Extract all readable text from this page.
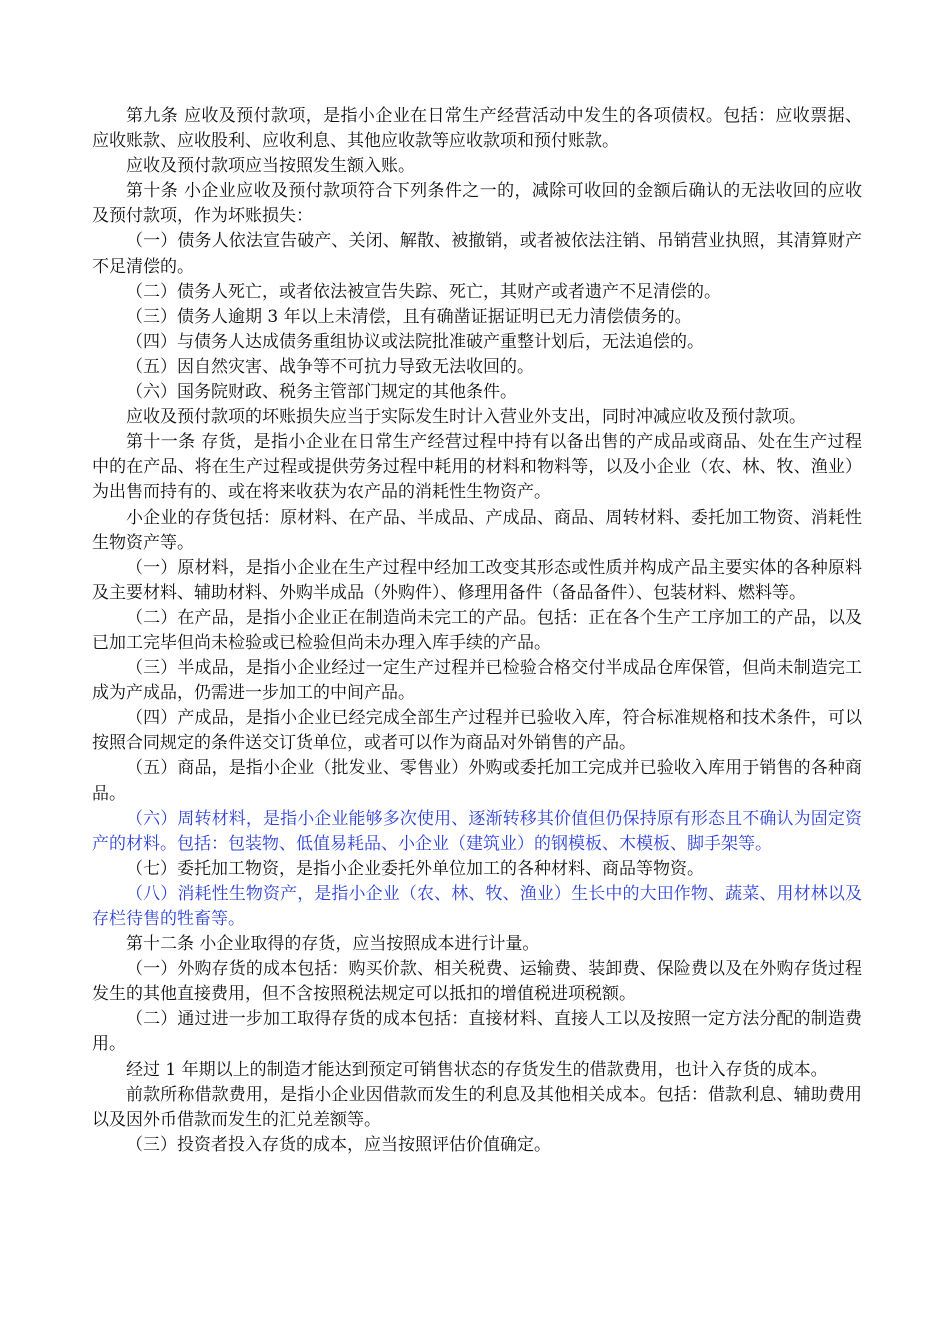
第九条 应收及预付款项，是指小企业在日常生产经营活动中发生的各项债权。包括：应收票据、应收账款、应收股利、应收利息、其他应收款等应收款项和预付账款。

应收及预付款项应当按照发生额入账。

第十条 小企业应收及预付款项符合下列条件之一的，减除可收回的金额后确认的无法收回的应收及预付款项，作为坏账损失：

（一）债务人依法宣告破产、关闭、解散、被撤销，或者被依法注销、吊销营业执照，其清算财产不足清偿的。

（二）债务人死亡，或者依法被宣告失踪、死亡，其财产或者遗产不足清偿的。

（三）债务人逾期 3 年以上未清偿，且有确凿证据证明已无力清偿债务的。

（四）与债务人达成债务重组协议或法院批准破产重整计划后，无法追偿的。

（五）因自然灾害、战争等不可抗力导致无法收回的。

（六）国务院财政、税务主管部门规定的其他条件。

应收及预付款项的坏账损失应当于实际发生时计入营业外支出，同时冲减应收及预付款项。

第十一条 存货，是指小企业在日常生产经营过程中持有以备出售的产成品或商品、处在生产过程中的在产品、将在生产过程或提供劳务过程中耗用的材料和物料等，以及小企业（农、林、牧、渔业）为出售而持有的、或在将来收获为农产品的消耗性生物资产。

小企业的存货包括：原材料、在产品、半成品、产成品、商品、周转材料、委托加工物资、消耗性生物资产等。

（一）原材料，是指小企业在生产过程中经加工改变其形态或性质并构成产品主要实体的各种原料及主要材料、辅助材料、外购半成品（外购件）、修理用备件（备品备件）、包装材料、燃料等。

（二）在产品，是指小企业正在制造尚未完工的产品。包括：正在各个生产工序加工的产品，以及已加工完毕但尚未检验或已检验但尚未办理入库手续的产品。

（三）半成品，是指小企业经过一定生产过程并已检验合格交付半成品仓库保管，但尚未制造完工成为产成品，仍需进一步加工的中间产品。

（四）产成品，是指小企业已经完成全部生产过程并已验收入库，符合标准规格和技术条件，可以按照合同规定的条件送交订货单位，或者可以作为商品对外销售的产品。

（五）商品，是指小企业（批发业、零售业）外购或委托加工完成并已验收入库用于销售的各种商品。

（六）周转材料，是指小企业能够多次使用、逐渐转移其价值但仍保持原有形态且不确认为固定资产的材料。包括：包装物、低值易耗品、小企业（建筑业）的钢模板、木模板、脚手架等。

（七）委托加工物资，是指小企业委托外单位加工的各种材料、商品等物资。

（八）消耗性生物资产，是指小企业（农、林、牧、渔业）生长中的大田作物、蔬菜、用材林以及存栏待售的牲畜等。

第十二条 小企业取得的存货，应当按照成本进行计量。

（一）外购存货的成本包括：购买价款、相关税费、运输费、装卸费、保险费以及在外购存货过程发生的其他直接费用，但不含按照税法规定可以抵扣的增值税进项税额。

（二）通过进一步加工取得存货的成本包括：直接材料、直接人工以及按照一定方法分配的制造费用。

经过 1 年期以上的制造才能达到预定可销售状态的存货发生的借款费用，也计入存货的成本。

前款所称借款费用，是指小企业因借款而发生的利息及其他相关成本。包括：借款利息、辅助费用以及因外币借款而发生的汇兑差额等。

（三）投资者投入存货的成本，应当按照评估价值确定。
